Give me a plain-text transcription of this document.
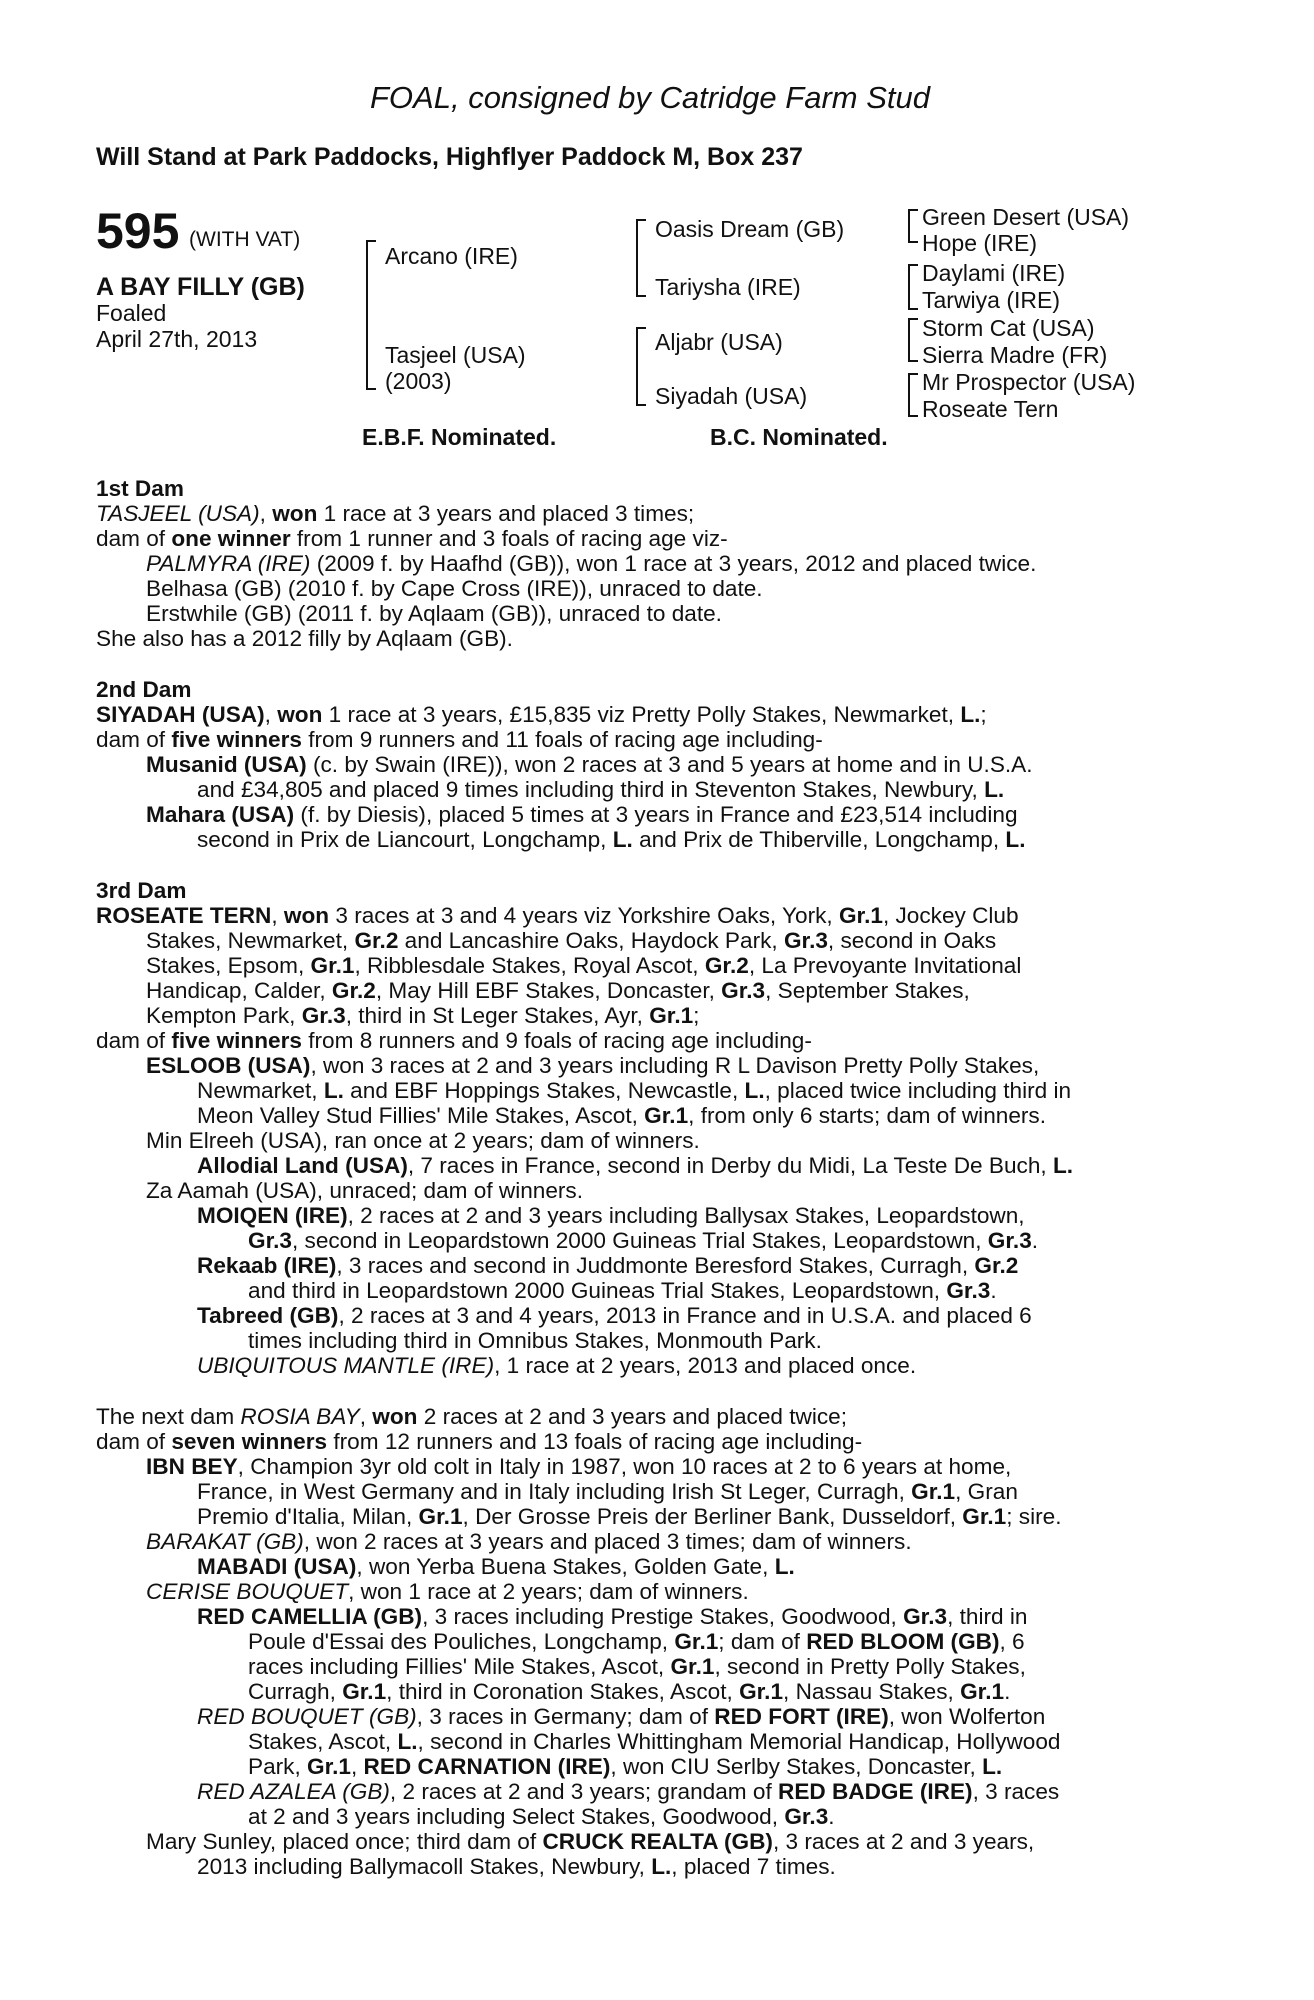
FOAL, consigned by Catridge Farm Stud
Will Stand at Park Paddocks, Highflyer Paddock M, Box 237
595 (WITH VAT)
A BAY FILLY (GB)
Foaled
April 27th, 2013
Arcano (IRE)
Tasjeel (USA)
(2003)
Oasis Dream (GB)
Tariysha (IRE)
Aljabr (USA)
Siyadah (USA)
Green Desert (USA)
Hope (IRE)
Daylami (IRE)
Tarwiya (IRE)
Storm Cat (USA)
Sierra Madre (FR)
Mr Prospector (USA)
Roseate Tern
E.B.F. Nominated.	B.C. Nominated.

1st Dam

TASJEEL (USA), won 1 race at 3 years and placed 3 times;

dam of one winner from 1 runner and 3 foals of racing age viz-

PALMYRA (IRE) (2009 f. by Haafhd (GB)), won 1 race at 3 years, 2012 and placed twice.

Belhasa (GB) (2010 f. by Cape Cross (IRE)), unraced to date.

Erstwhile (GB) (2011 f. by Aqlaam (GB)), unraced to date.

She also has a 2012 filly by Aqlaam (GB).

2nd Dam

SIYADAH (USA), won 1 race at 3 years, £15,835 viz Pretty Polly Stakes, Newmarket, L.;

dam of five winners from 9 runners and 11 foals of racing age including-

Musanid (USA) (c. by Swain (IRE)), won 2 races at 3 and 5 years at home and in U.S.A.

and £34,805 and placed 9 times including third in Steventon Stakes, Newbury, L.

Mahara (USA) (f. by Diesis), placed 5 times at 3 years in France and £23,514 including

second in Prix de Liancourt, Longchamp, L. and Prix de Thiberville, Longchamp, L.

3rd Dam

ROSEATE TERN, won 3 races at 3 and 4 years viz Yorkshire Oaks, York, Gr.1, Jockey Club

Stakes, Newmarket, Gr.2 and Lancashire Oaks, Haydock Park, Gr.3, second in Oaks

Stakes, Epsom, Gr.1, Ribblesdale Stakes, Royal Ascot, Gr.2, La Prevoyante Invitational

Handicap, Calder, Gr.2, May Hill EBF Stakes, Doncaster, Gr.3, September Stakes,

Kempton Park, Gr.3, third in St Leger Stakes, Ayr, Gr.1;

dam of five winners from 8 runners and 9 foals of racing age including-

ESLOOB (USA), won 3 races at 2 and 3 years including R L Davison Pretty Polly Stakes,

Newmarket, L. and EBF Hoppings Stakes, Newcastle, L., placed twice including third in

Meon Valley Stud Fillies' Mile Stakes, Ascot, Gr.1, from only 6 starts; dam of winners.

Min Elreeh (USA), ran once at 2 years; dam of winners.

Allodial Land (USA), 7 races in France, second in Derby du Midi, La Teste De Buch, L.

Za Aamah (USA), unraced; dam of winners.

MOIQEN (IRE), 2 races at 2 and 3 years including Ballysax Stakes, Leopardstown,

Gr.3, second in Leopardstown 2000 Guineas Trial Stakes, Leopardstown, Gr.3.

Rekaab (IRE), 3 races and second in Juddmonte Beresford Stakes, Curragh, Gr.2

and third in Leopardstown 2000 Guineas Trial Stakes, Leopardstown, Gr.3.

Tabreed (GB), 2 races at 3 and 4 years, 2013 in France and in U.S.A. and placed 6

times including third in Omnibus Stakes, Monmouth Park.

UBIQUITOUS MANTLE (IRE), 1 race at 2 years, 2013 and placed once.

The next dam ROSIA BAY, won 2 races at 2 and 3 years and placed twice;

dam of seven winners from 12 runners and 13 foals of racing age including-

IBN BEY, Champion 3yr old colt in Italy in 1987, won 10 races at 2 to 6 years at home,

France, in West Germany and in Italy including Irish St Leger, Curragh, Gr.1, Gran

Premio d'Italia, Milan, Gr.1, Der Grosse Preis der Berliner Bank, Dusseldorf, Gr.1; sire.

BARAKAT (GB), won 2 races at 3 years and placed 3 times; dam of winners.

MABADI (USA), won Yerba Buena Stakes, Golden Gate, L.

CERISE BOUQUET, won 1 race at 2 years; dam of winners.

RED CAMELLIA (GB), 3 races including Prestige Stakes, Goodwood, Gr.3, third in

Poule d'Essai des Pouliches, Longchamp, Gr.1; dam of RED BLOOM (GB), 6

races including Fillies' Mile Stakes, Ascot, Gr.1, second in Pretty Polly Stakes,

Curragh, Gr.1, third in Coronation Stakes, Ascot, Gr.1, Nassau Stakes, Gr.1.

RED BOUQUET (GB), 3 races in Germany; dam of RED FORT (IRE), won Wolferton

Stakes, Ascot, L., second in Charles Whittingham Memorial Handicap, Hollywood

Park, Gr.1, RED CARNATION (IRE), won CIU Serlby Stakes, Doncaster, L.

RED AZALEA (GB), 2 races at 2 and 3 years; grandam of RED BADGE (IRE), 3 races

at 2 and 3 years including Select Stakes, Goodwood, Gr.3.

Mary Sunley, placed once; third dam of CRUCK REALTA (GB), 3 races at 2 and 3 years,

2013 including Ballymacoll Stakes, Newbury, L., placed 7 times.
